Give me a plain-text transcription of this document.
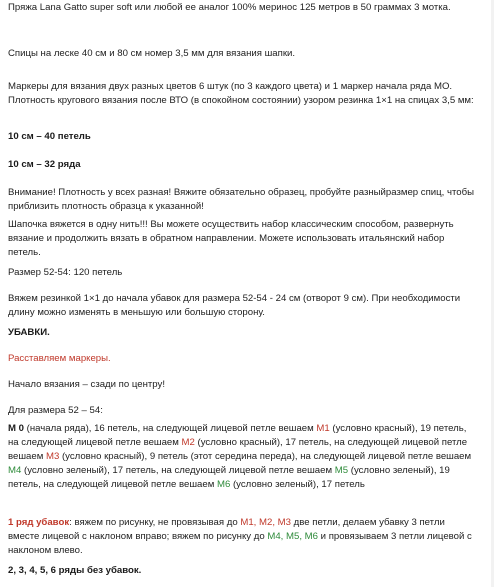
Пряжа Lana Gatto super soft или любой ее аналог 100% меринос 125 метров в 50 граммах 3 мотка.

Спицы на леске 40 см и 80 см номер 3,5 мм для вязания шапки.

Маркеры для вязания двух разных цветов 6 штук (по 3 каждого цвета) и 1 маркер начала ряда МО. Плотность кругового вязания после ВТО (в спокойном состоянии) узором резинка 1×1 на спицах 3,5 мм:

10 см – 40 петель

10 см – 32 ряда

Внимание! Плотность у всех разная! Вяжите обязательно образец, пробуйте разныйразмер спиц, чтобы приблизить плотность образца к указанной!

Шапочка вяжется в одну нить!!! Вы можете осуществить набор классическим способом, развернуть вязание и продолжить вязать в обратном направлении. Можете использовать итальянский набор петель.

Размер 52-54: 120 петель

Вяжем резинкой 1×1 до начала убавок для размера 52-54 - 24 см (отворот 9 см). При необходимости длину можно изменять в меньшую или большую сторону.

УБАВКИ.

Расставляем маркеры.

Начало вязания – сзади по центру!

Для размера 52 – 54:

М 0 (начала ряда), 16 петель, на следующей лицевой петле вешаем М1 (условно красный), 19 петель, на следующей лицевой петле вешаем М2 (условно красный), 17 петель, на следующей лицевой петле вешаем М3 (условно красный), 9 петель (этот середина переда), на следующей лицевой петле вешаем М4 (условно зеленый), 17 петель, на следующей лицевой петле вешаем М5 (условно зеленый), 19 петель, на следующей лицевой петле вешаем М6 (условно зеленый), 17 петель

1 ряд убавок: вяжем по рисунку, не провязывая до М1, М2, М3 две петли, делаем убавку 3 петли вместе лицевой с наклоном вправо; вяжем по рисунку до М4, М5, М6 и провязываем 3 петли лицевой с наклоном влево.

2, 3, 4, 5, 6 ряды без убавок.
